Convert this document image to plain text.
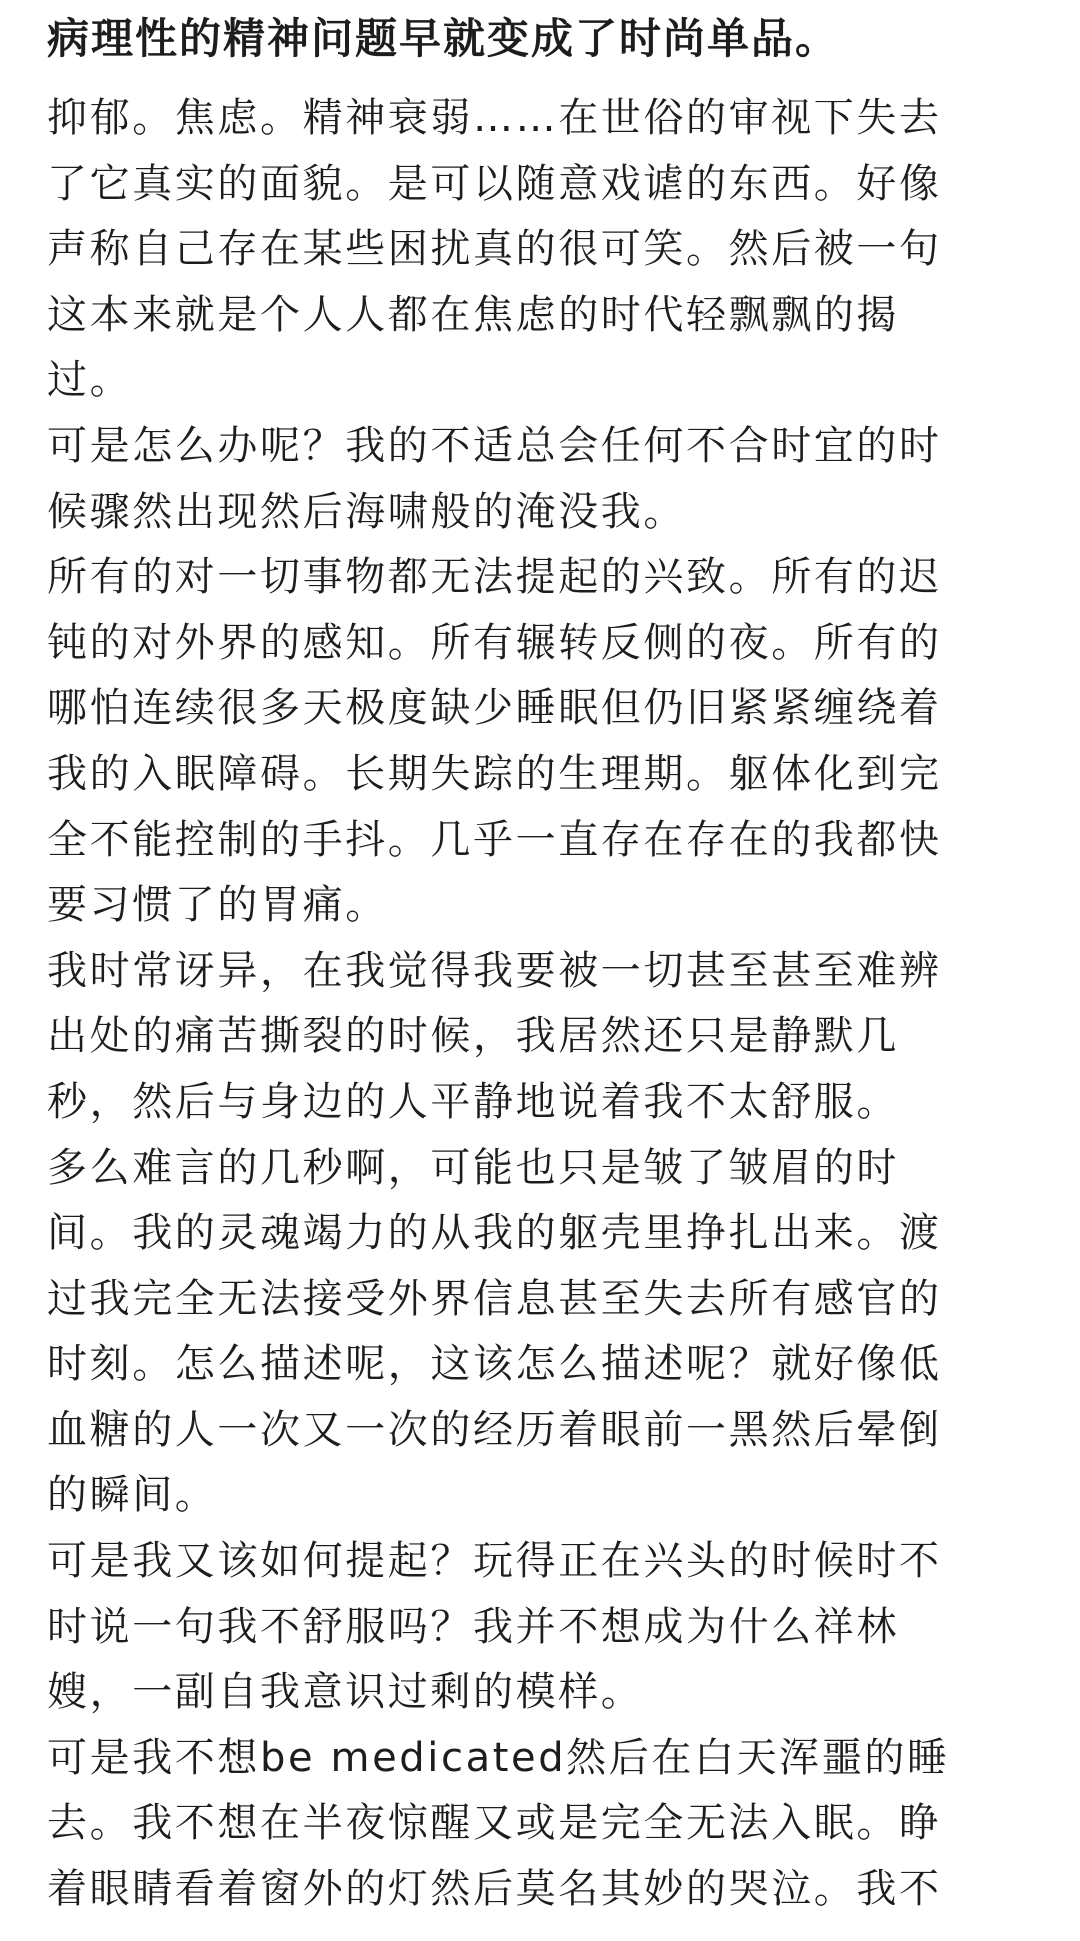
病理性的精神问题早就变成了时尚单品。
抑郁。焦虑。精神衰弱……在世俗的审视下失去
了它真实的面貌。是可以随意戏谑的东西。好像
声称自己存在某些困扰真的很可笑。然后被一句
这本来就是个人人都在焦虑的时代轻飘飘的揭
过。
可是怎么办呢？我的不适总会任何不合时宜的时
候骤然出现然后海啸般的淹没我。
所有的对一切事物都无法提起的兴致。所有的迟
钝的对外界的感知。所有辗转反侧的夜。所有的
哪怕连续很多天极度缺少睡眠但仍旧紧紧缠绕着
我的入眠障碍。长期失踪的生理期。躯体化到完
全不能控制的手抖。几乎一直存在存在的我都快
要习惯了的胃痛。
我时常讶异，在我觉得我要被一切甚至甚至难辨
出处的痛苦撕裂的时候，我居然还只是静默几
秒，然后与身边的人平静地说着我不太舒服。
多么难言的几秒啊，可能也只是皱了皱眉的时
间。我的灵魂竭力的从我的躯壳里挣扎出来。渡
过我完全无法接受外界信息甚至失去所有感官的
时刻。怎么描述呢，这该怎么描述呢？就好像低
血糖的人一次又一次的经历着眼前一黑然后晕倒
的瞬间。
可是我又该如何提起？玩得正在兴头的时候时不
时说一句我不舒服吗？我并不想成为什么祥林
嫂，一副自我意识过剩的模样。
可是我不想be medicated然后在白天浑噩的睡
去。我不想在半夜惊醒又或是完全无法入眠。睁
着眼睛看着窗外的灯然后莫名其妙的哭泣。我不
